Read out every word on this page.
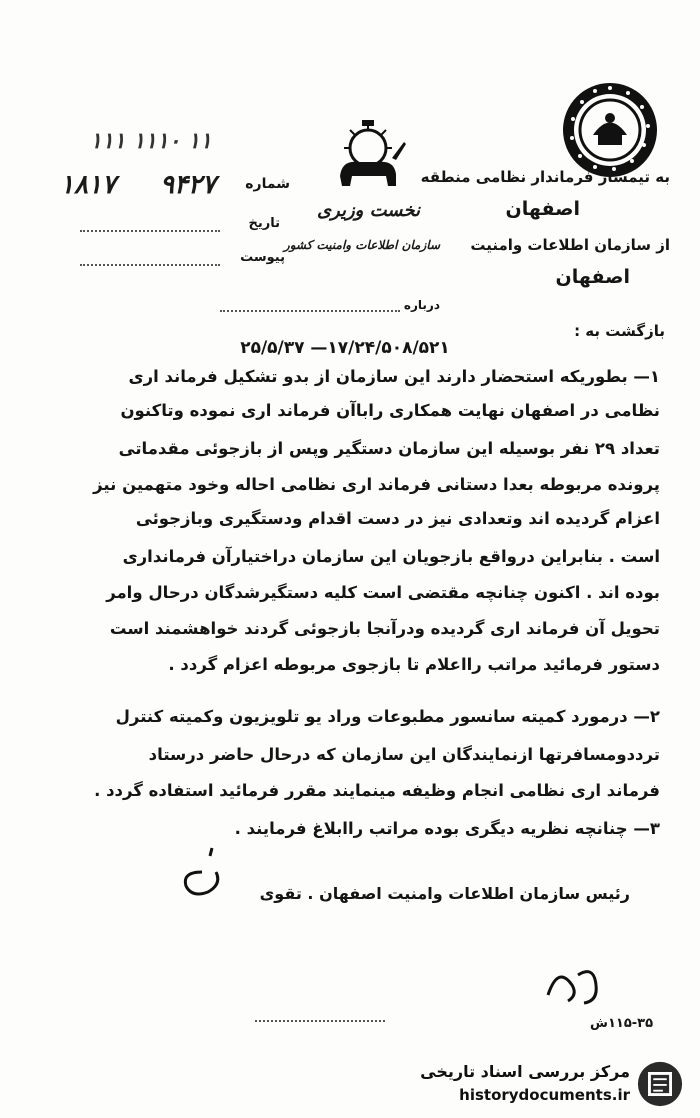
۱۱۱ ۱۱۱۰ ۱۱
۱۸۱۷ ۹۴۲۷ شماره
تاریخ
پیوست
نخست وزیری
سازمان اطلاعات وامنیت کشور
به تیمسار فرماندار نظامی منطقه
اصفهان
از سازمان اطلاعات وامنیت
اصفهان
درباره
بازگشت به :
۱۷/۲۴/۵۰۸/۵۲۱— ۲۵/۵/۳۷
۱— بطوریکه استحضار دارند این سازمان از بدو تشکیل فرماند اری
نظامی در اصفهان نهایت همکاری راباآن فرماند اری نموده وتاکنون
تعداد ۲۹ نفر بوسیله این سازمان دستگیر وپس از بازجوئی مقدماتی
پرونده مربوطه بعدا دستانی فرماند اری نظامی احاله وخود متهمین نیز
اعزام گردیده اند وتعدادی نیز در دست اقدام ودستگیری وبازجوئی
است . بنابراین درواقع بازجویان این سازمان دراختیارآن فرمانداری
بوده اند . اکنون چنانچه مقتضی است کلیه دستگیرشدگان درحال وامر
تحویل آن فرماند اری گردیده ودرآنجا بازجوئی گردند خواهشمند است
دستور فرمائید مراتب رااعلام تا بازجوی مربوطه اعزام گردد .
۲— درمورد کمیته سانسور مطبوعات وراد یو تلویزیون وکمیته کنترل
ترددومسافرتها ازنمایندگان این سازمان که درحال حاضر درستاد
فرماند اری نظامی انجام وظیفه مینمایند مقرر فرمائید استفاده گردد .
۳— چنانچه نظریه دیگری بوده مراتب راابلاغ فرمایند .
رئیس سازمان اطلاعات وامنیت اصفهان . تقوی
۱۱۵-۳۵ش
مرکز بررسی اسناد تاریخی
historydocuments.ir
